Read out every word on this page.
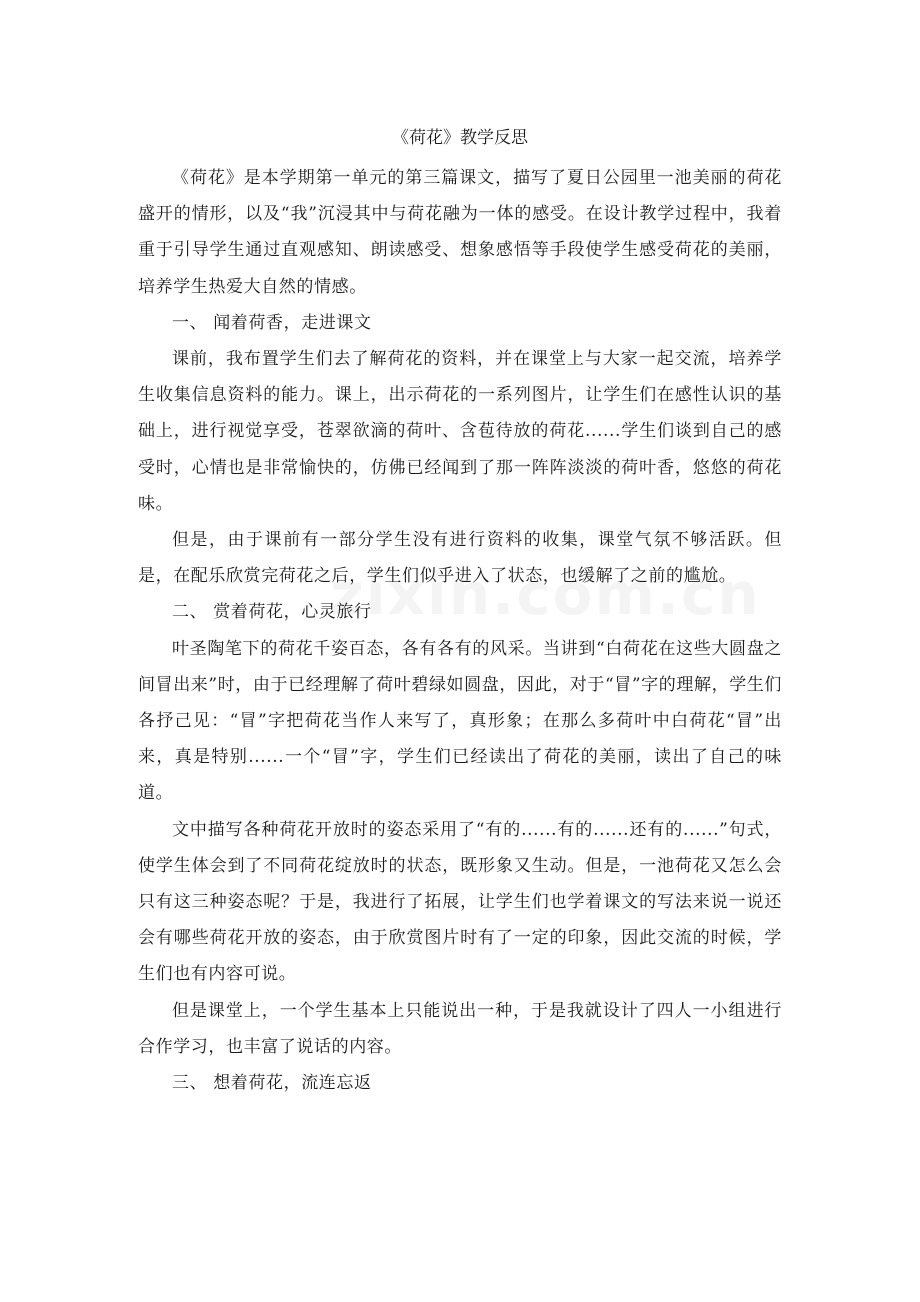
《荷花》教学反思

《荷花》是本学期第一单元的第三篇课文，描写了夏日公园里一池美丽的荷花盛开的情形，以及“我”沉浸其中与荷花融为一体的感受。在设计教学过程中，我着重于引导学生通过直观感知、朗读感受、想象感悟等手段使学生感受荷花的美丽，培养学生热爱大自然的情感。

一、 闻着荷香，走进课文

课前，我布置学生们去了解荷花的资料，并在课堂上与大家一起交流，培养学生收集信息资料的能力。课上，出示荷花的一系列图片，让学生们在感性认识的基础上，进行视觉享受，苍翠欲滴的荷叶、含苞待放的荷花......学生们谈到自己的感受时，心情也是非常愉快的，仿佛已经闻到了那一阵阵淡淡的荷叶香，悠悠的荷花味。

但是，由于课前有一部分学生没有进行资料的收集，课堂气氛不够活跃。但是，在配乐欣赏完荷花之后，学生们似乎进入了状态，也缓解了之前的尴尬。

二、 赏着荷花，心灵旅行

叶圣陶笔下的荷花千姿百态，各有各有的风采。当讲到“白荷花在这些大圆盘之间冒出来”时，由于已经理解了荷叶碧绿如圆盘，因此，对于“冒”字的理解，学生们各抒己见：“冒”字把荷花当作人来写了，真形象；在那么多荷叶中白荷花“冒”出来，真是特别......一个“冒”字，学生们已经读出了荷花的美丽，读出了自己的味道。

文中描写各种荷花开放时的姿态采用了“有的......有的......还有的......”句式，使学生体会到了不同荷花绽放时的状态，既形象又生动。但是，一池荷花又怎么会只有这三种姿态呢？于是，我进行了拓展，让学生们也学着课文的写法来说一说还会有哪些荷花开放的姿态，由于欣赏图片时有了一定的印象，因此交流的时候，学生们也有内容可说。

但是课堂上，一个学生基本上只能说出一种，于是我就设计了四人一小组进行合作学习，也丰富了说话的内容。

三、 想着荷花，流连忘返
